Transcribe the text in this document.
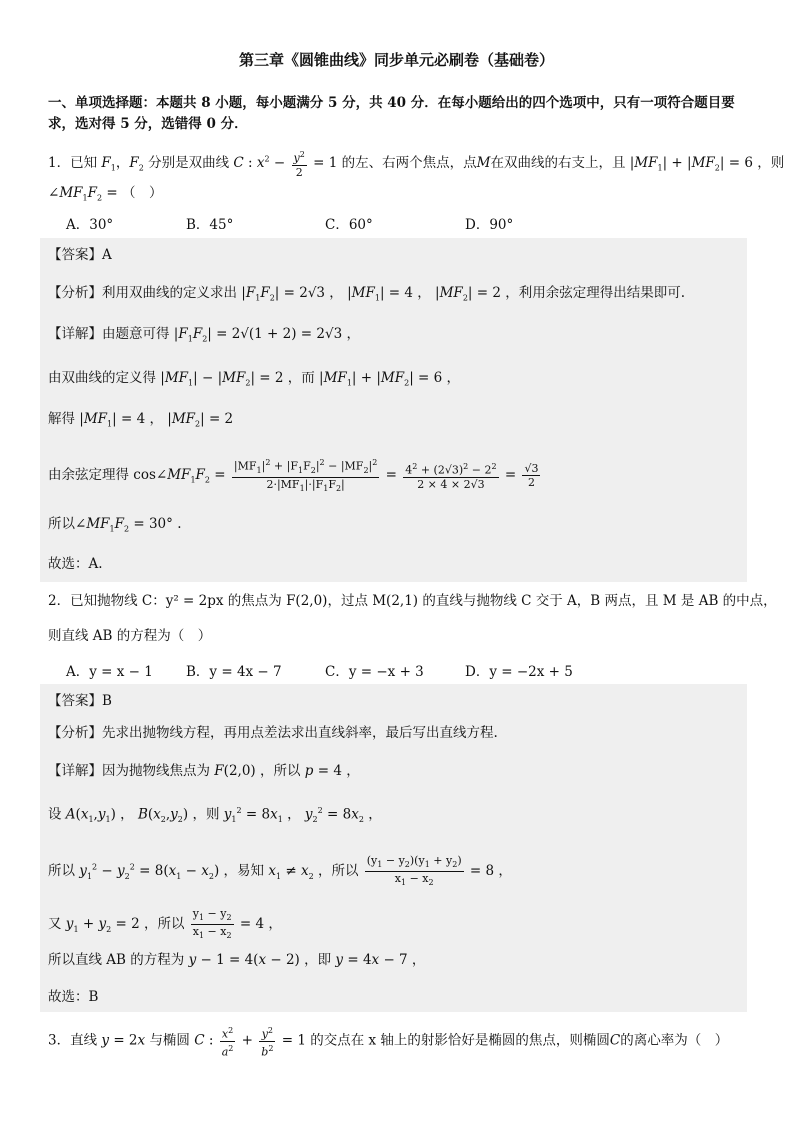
第三章《圆锥曲线》同步单元必刷卷（基础卷）
一、单项选择题：本题共 8 小题，每小题满分 5 分，共 40 分．在每小题给出的四个选项中，只有一项符合题目要求，选对得 5 分，选错得 0 分．
1．已知 $F_1$，$F_2$ 分别是双曲线 C : $x^2 - \frac{y^2}{2} = 1$ 的左、右两个焦点，点M在双曲线的右支上，且 $|MF_1| + |MF_2| = 6$ ，则
$\angle MF_1F_2$ = （　）
A．30°	B．45°	C．60°	D．90°
【答案】A
【分析】利用双曲线的定义求出 $|F_1F_2| = 2√3$ ， $|MF_1| = 4$ ， $|MF_2| = 2$ ，利用余弦定理得出结果即可.
【详解】由题意可得 $|F_1F_2| = 2√(1 + 2) = 2√3$ ，
由双曲线的定义得 $|MF_1| - |MF_2| = 2$ ，而 $|MF_1| + |MF_2| = 6$ ，
解得 $|MF_1| = 4$ ， $|MF_2| = 2$
由余弦定理得 $\cos\angle MF_1F_2 = \frac{|MF_1|^2 + |F_1F_2|^2 - |MF_2|^2}{2\cdot|MF_1|\cdot|F_1F_2|} = \frac{4^2 + (2√3)^2 - 2^2}{2 \times 4 \times 2√3} = \frac{√3}{2}$
所以$\angle MF_1F_2 = 30^\circ$ .
故选：A.
2．已知抛物线 C：y² = 2px 的焦点为 F(2,0)，过点 M(2,1) 的直线与抛物线 C 交于 A，B 两点，且 M 是 AB 的中点，
则直线 AB 的方程为（　）
A．y = x − 1 B．y = 4x − 7	C．y = −x + 3	D．y = −2x + 5
【答案】B
【分析】先求出抛物线方程，再用点差法求出直线斜率，最后写出直线方程.
【详解】因为抛物线焦点为 F(2,0) ，所以 p = 4 ，
设 $A(x_1,y_1)$ ， $B(x_2,y_2)$ ，则 $y_1^2 = 8x_1$ ， $y_2^2 = 8x_2$ ，
所以 $y_1^2 - y_2^2 = 8(x_1 - x_2)$ ，易知 $x_1 \ne x_2$ ，所以 $\frac{(y_1 - y_2)(y_1 + y_2)}{x_1 - x_2} = 8$ ，
又 $y_1 + y_2 = 2$ ，所以 $\frac{y_1 - y_2}{x_1 - x_2} = 4$ ，
所以直线 AB 的方程为 y − 1 = 4(x − 2) ，即 y = 4x − 7 ，
故选：B
3．直线 y = 2x 与椭圆 C : $\frac{x^2}{a^2} + \frac{y^2}{b^2} = 1$ 的交点在 x 轴上的射影恰好是椭圆的焦点，则椭圆C的离心率为（　）
